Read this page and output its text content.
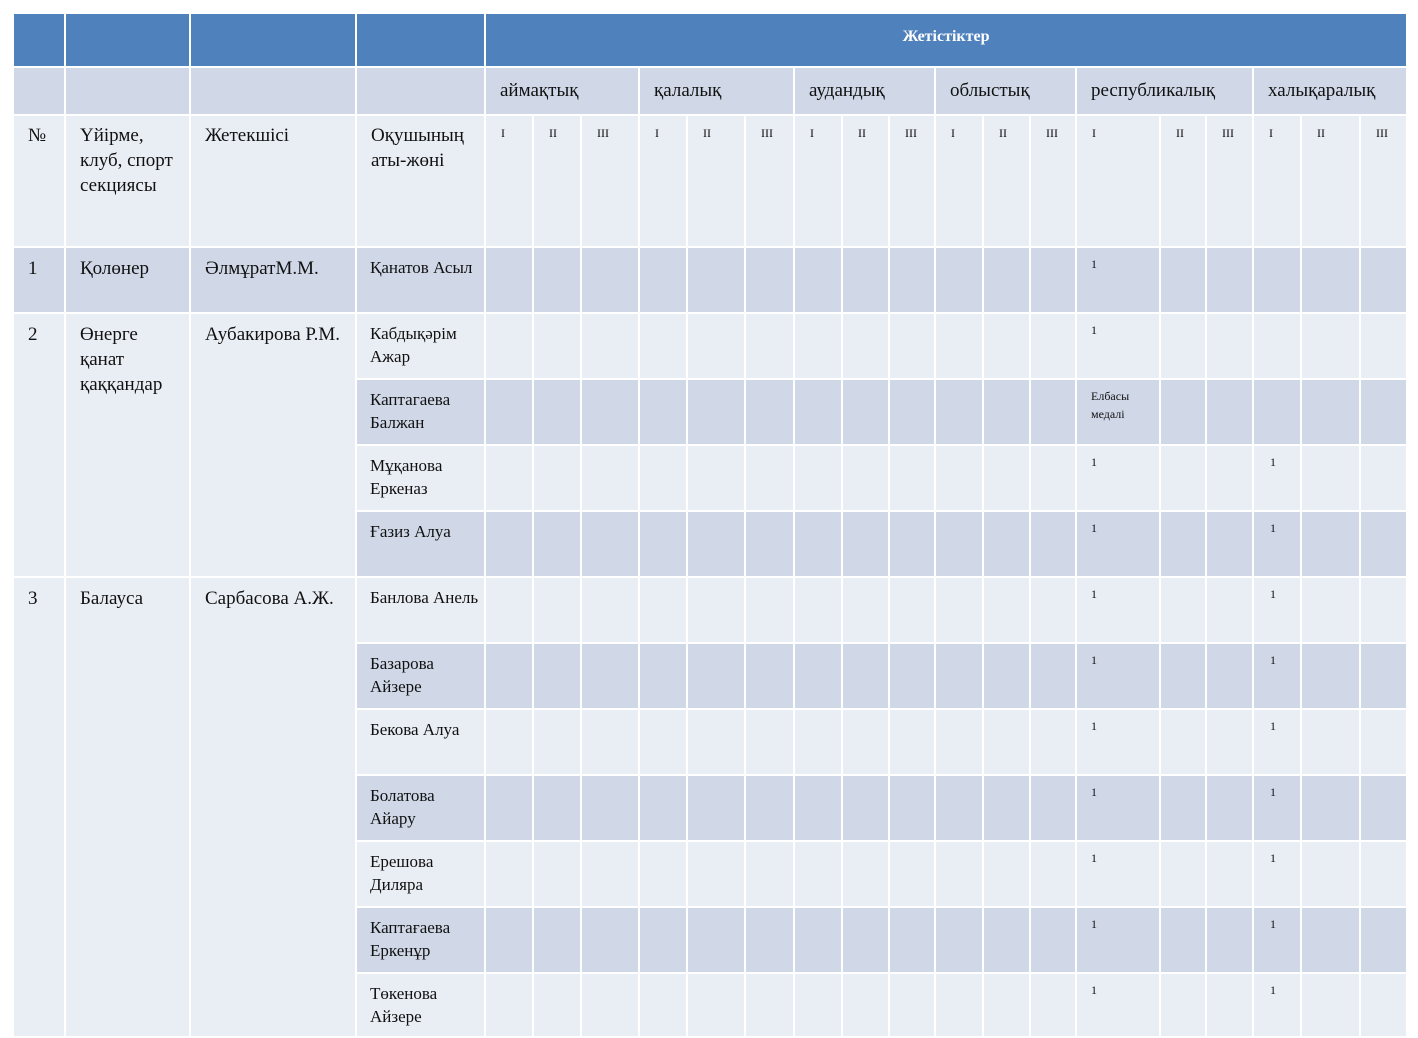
				Жетістіктер																	
				аймақтық			қалалық			аудандық			облыстық			республикалық			халықаралық		
№	Үйірме, клуб, спорт секциясы	Жетекшісі	Оқушының аты-жөні	I	II	III	I	II	III	I	II	III	I	II	III	I	II	III	I	II	III
1	Қолөнер	ӘлмұратМ.М.	Қанатов Асыл													1					
2	Өнерге қанат қаққандар	Аубакирова Р.М.	Кабдықәрім Ажар													1					
			Каптагаева Балжан													Елбасы медалі					
			Мұқанова Еркеназ													1			1		
			Ғазиз Алуа													1			1		
3	Балауса	Сарбасова А.Ж.	Банлова Анель													1			1		
			Базарова Айзере													1			1		
			Бекова Алуа													1			1		
			Болатова Айару													1			1		
			Ерешова Диляра													1			1		
			Каптағаева Еркенұр													1			1		
			Төкенова Айзере													1			1		
